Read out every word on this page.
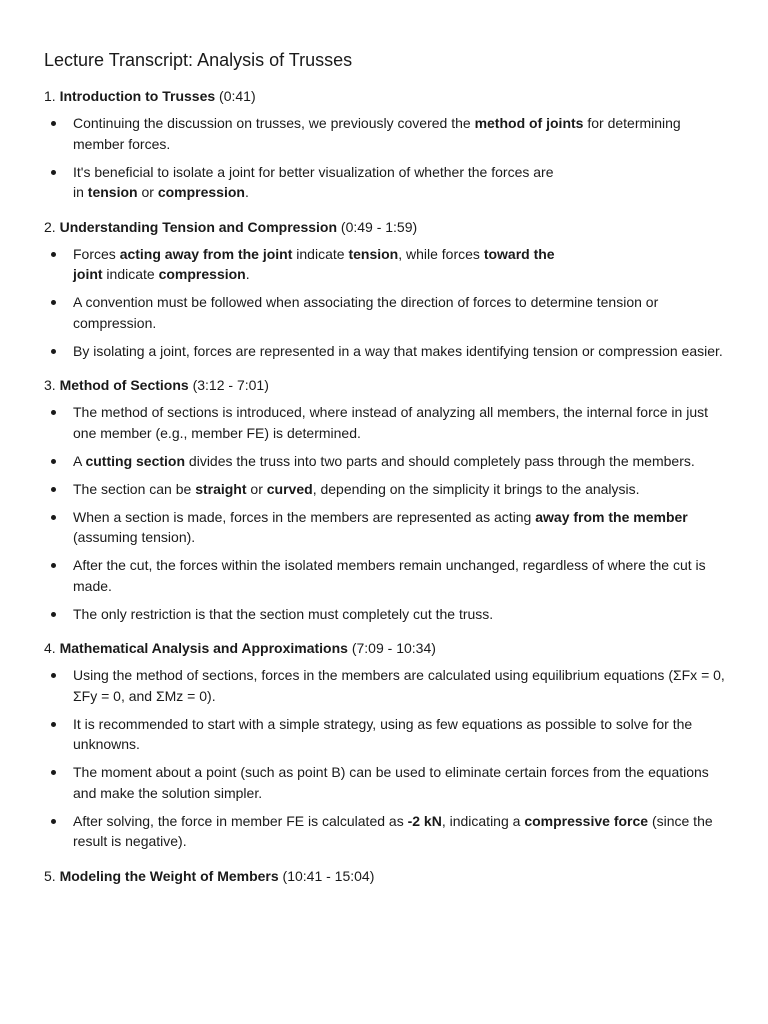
Lecture Transcript: Analysis of Trusses
1. Introduction to Trusses (0:41)
Continuing the discussion on trusses, we previously covered the method of joints for determining member forces.
It's beneficial to isolate a joint for better visualization of whether the forces are
in tension or compression.
2. Understanding Tension and Compression (0:49 - 1:59)
Forces acting away from the joint indicate tension, while forces toward the
joint indicate compression.
A convention must be followed when associating the direction of forces to determine tension or compression.
By isolating a joint, forces are represented in a way that makes identifying tension or compression easier.
3. Method of Sections (3:12 - 7:01)
The method of sections is introduced, where instead of analyzing all members, the internal force in just one member (e.g., member FE) is determined.
A cutting section divides the truss into two parts and should completely pass through the members.
The section can be straight or curved, depending on the simplicity it brings to the analysis.
When a section is made, forces in the members are represented as acting away from the member (assuming tension).
After the cut, the forces within the isolated members remain unchanged, regardless of where the cut is made.
The only restriction is that the section must completely cut the truss.
4. Mathematical Analysis and Approximations (7:09 - 10:34)
Using the method of sections, forces in the members are calculated using equilibrium equations (ΣFx = 0, ΣFy = 0, and ΣMz = 0).
It is recommended to start with a simple strategy, using as few equations as possible to solve for the unknowns.
The moment about a point (such as point B) can be used to eliminate certain forces from the equations and make the solution simpler.
After solving, the force in member FE is calculated as -2 kN, indicating a compressive force (since the result is negative).
5. Modeling the Weight of Members (10:41 - 15:04)
